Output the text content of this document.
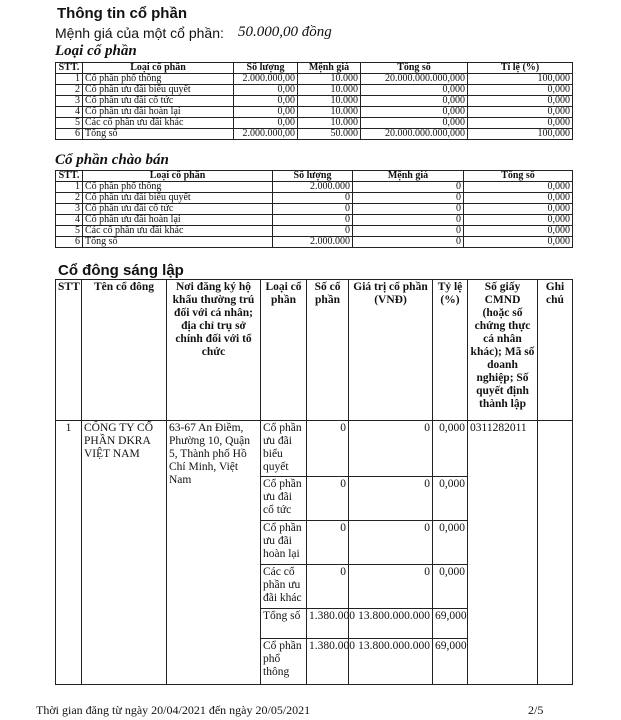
Thông tin cổ phần
Mệnh giá của một cổ phần: 50.000,00 đồng
Loại cổ phần
STT.	Loại cổ phần	Số lượng	Mệnh giá	Tổng số	Tỉ lệ (%)
1	Cổ phần phổ thông	2.000.000,00	10.000	20.000.000.000,000	100,000
2	Cổ phần ưu đãi biểu quyết	0,00	10.000	0,000	0,000
3	Cổ phần ưu đãi cổ tức	0,00	10.000	0,000	0,000
4	Cổ phần ưu đãi hoàn lại	0,00	10.000	0,000	0,000
5	Các cổ phần ưu đãi khác	0,00	10.000	0,000	0,000
6	Tổng số	2.000.000,00	50.000	20.000.000.000,000	100,000
Cổ phần chào bán
STT.	Loại cổ phần	Số lượng	Mệnh giá	Tổng số
1	Cổ phần phổ thông	2.000.000	0	0,000
2	Cổ phần ưu đãi biểu quyết	0	0	0,000
3	Cổ phần ưu đãi cổ tức	0	0	0,000
4	Cổ phần ưu đãi hoàn lại	0	0	0,000
5	Các cổ phần ưu đãi khác	0	0	0,000
6	Tổng số	2.000.000	0	0,000
Cổ đông sáng lập
STT	Tên cổ đông	Nơi đăng ký hộ khẩu thường trú đối với cá nhân; địa chỉ trụ sở chính đối với tổ chức	Loại cổ phần	Số cổ phần	Giá trị cổ phần (VNĐ)	Tỷ lệ (%)	Số giấy CMND (hoặc số chứng thực cá nhân khác); Mã số doanh nghiệp; Số quyết định thành lập	Ghi chú
1	CÔNG TY CỔ PHẦN DKRA VIỆT NAM	63-67 An Điềm, Phường 10, Quận 5, Thành phố Hồ Chí Minh, Việt Nam	Cổ phần ưu đãi biểu quyết	0	0	0,000	0311282011	
			Cổ phần ưu đãi cổ tức	0	0	0,000		
			Cổ phần ưu đãi hoàn lại	0	0	0,000		
			Các cổ phần ưu đãi khác	0	0	0,000		
			Tổng số	1.380.000	13.800.000.000	69,000		
			Cổ phần phổ thông	1.380.000	13.800.000.000	69,000		
Thời gian đăng từ ngày 20/04/2021 đến ngày 20/05/2021	2/5
